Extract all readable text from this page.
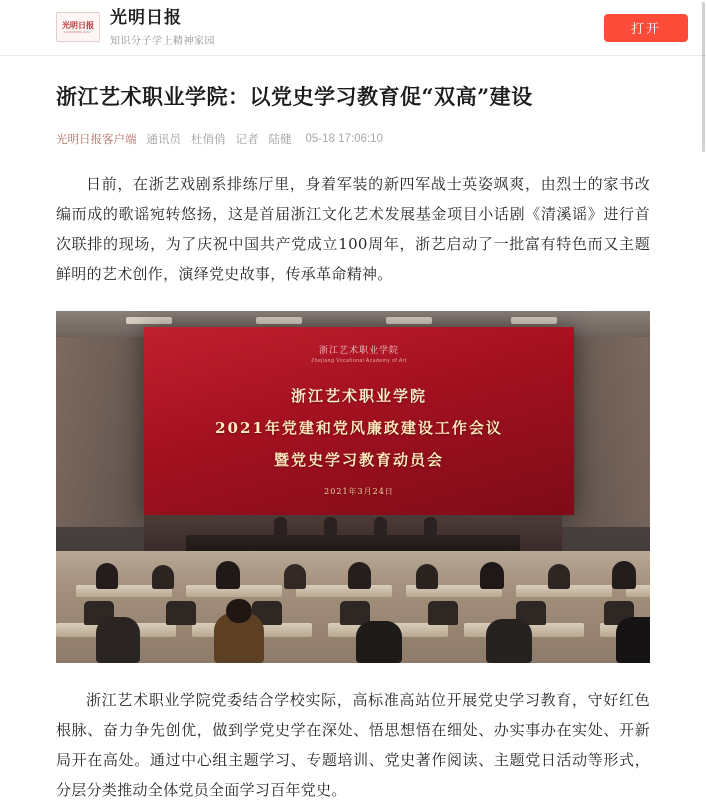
光明日报
GUANGMING DAILY
光明日报
知识分子学上精神家园
打开
浙江艺术职业学院：以党史学习教育促“双高”建设
光明日报客户端 通讯员 杜俏俏 记者 陆健 05-18 17:06:10

日前，在浙艺戏剧系排练厅里，身着军装的新四军战士英姿飒爽，由烈士的家书改编而成的歌谣宛转悠扬，这是首届浙江文化艺术发展基金项目小话剧《清溪谣》进行首次联排的现场，为了庆祝中国共产党成立100周年，浙艺启动了一批富有特色而又主题鲜明的艺术创作，演绎党史故事，传承革命精神。

浙江艺术职业学院
Zhejiang Vocational Academy of Art
浙江艺术职业学院
2021年党建和党风廉政建设工作会议
暨党史学习教育动员会
2021年3月24日

浙江艺术职业学院党委结合学校实际，高标准高站位开展党史学习教育，守好红色根脉、奋力争先创优，做到学党史学在深处、悟思想悟在细处、办实事办在实处、开新局开在高处。通过中心组主题学习、专题培训、党史著作阅读、主题党日活动等形式，分层分类推动全体党员全面学习百年党史。
